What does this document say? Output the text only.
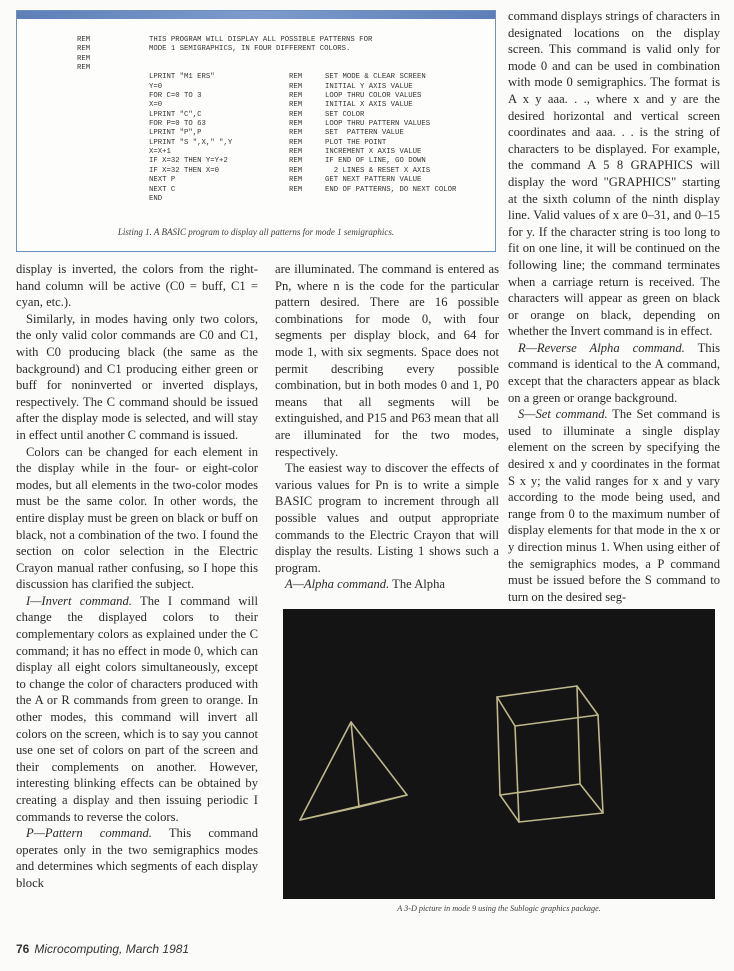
REM	THIS PROGRAM WILL DISPLAY ALL POSSIBLE PATTERNS FOR
REM	MODE 1 SEMIGRAPHICS, IN FOUR DIFFERENT COLORS.
REM
REM
LPRINT "M1 ERS"	REM	SET MODE & CLEAR SCREEN
Y=0	REM	INITIAL Y AXIS VALUE
FOR C=0 TO 3	REM	LOOP THRU COLOR VALUES
X=0	REM	INITIAL X AXIS VALUE
LPRINT "C",C	REM	SET COLOR
FOR P=0 TO 63	REM	LOOP THRU PATTERN VALUES
LPRINT "P",P	REM	SET  PATTERN VALUE
LPRINT "S ",X," ",Y	REM	PLOT THE POINT
X=X+1	REM	INCREMENT X AXIS VALUE
IF X=32 THEN Y=Y+2	REM	IF END OF LINE, GO DOWN
IF X=32 THEN X=0	REM	2 LINES & RESET X AXIS
NEXT P	REM	GET NEXT PATTERN VALUE
NEXT C	REM	END OF PATTERNS, DO NEXT COLOR
END
Listing 1. A BASIC program to display all patterns for mode 1 semigraphics.

display is inverted, the colors from the right-hand column will be active (C0 = buff, C1 = cyan, etc.).

Similarly, in modes having only two colors, the only valid color commands are C0 and C1, with C0 producing black (the same as the background) and C1 producing either green or buff for noninverted or inverted displays, respectively. The C command should be issued after the display mode is selected, and will stay in effect until another C command is issued.

Colors can be changed for each element in the display while in the four- or eight-color modes, but all elements in the two-color modes must be the same color. In other words, the entire display must be green on black or buff on black, not a combination of the two. I found the section on color selection in the Electric Crayon manual rather confusing, so I hope this discussion has clarified the subject.

I—Invert command. The I command will change the displayed colors to their complementary colors as explained under the C command; it has no effect in mode 0, which can display all eight colors simultaneously, except to change the color of characters produced with the A or R commands from green to orange. In other modes, this command will invert all colors on the screen, which is to say you cannot use one set of colors on part of the screen and their complements on another. However, interesting blinking effects can be obtained by creating a display and then issuing periodic I commands to reverse the colors.

P—Pattern command. This command operates only in the two semigraphics modes and determines which segments of each display block

are illuminated. The command is entered as Pn, where n is the code for the particular pattern desired. There are 16 possible combinations for mode 0, with four segments per display block, and 64 for mode 1, with six segments. Space does not permit describing every possible combination, but in both modes 0 and 1, P0 means that all segments will be extinguished, and P15 and P63 mean that all are illuminated for the two modes, respectively.

The easiest way to discover the effects of various values for Pn is to write a simple BASIC program to increment through all possible values and output appropriate commands to the Electric Crayon that will display the results. Listing 1 shows such a program.

A—Alpha command. The Alpha

command displays strings of characters in designated locations on the display screen. This command is valid only for mode 0 and can be used in combination with mode 0 semigraphics. The format is A x y aaa. . ., where x and y are the desired horizontal and vertical screen coordinates and aaa. . . is the string of characters to be displayed. For example, the command A 5 8 GRAPHICS will display the word "GRAPHICS" starting at the sixth column of the ninth display line. Valid values of x are 0–31, and 0–15 for y. If the character string is too long to fit on one line, it will be continued on the following line; the command terminates when a carriage return is received. The characters will appear as green on black or orange on black, depending on whether the Invert command is in effect.

R—Reverse Alpha command. This command is identical to the A command, except that the characters appear as black on a green or orange background.

S—Set command. The Set command is used to illuminate a single display element on the screen by specifying the desired x and y coordinates in the format S x y; the valid ranges for x and y vary according to the mode being used, and range from 0 to the maximum number of display elements for that mode in the x or y direction minus 1. When using either of the semigraphics modes, a P command must be issued before the S command to turn on the desired seg-

A 3-D picture in mode 9 using the Sublogic graphics package.
76 Microcomputing, March 1981
